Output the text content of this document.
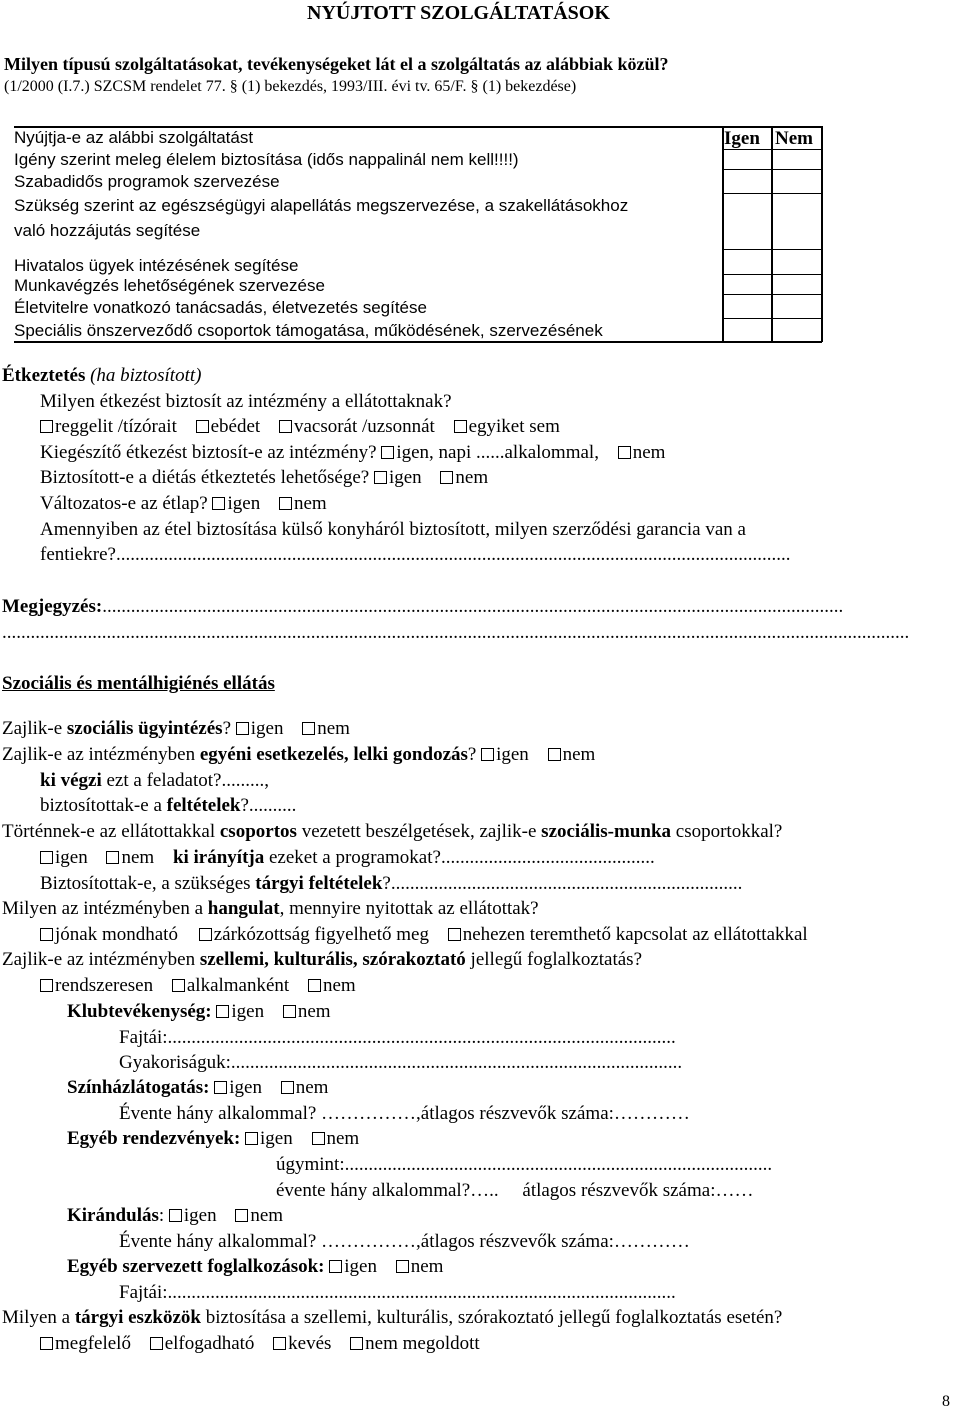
NYÚJTOTT SZOLGÁLTATÁSOK
Milyen típusú szolgáltatásokat, tevékenységeket lát el a szolgáltatás az alábbiak közül?
(1/2000 (I.7.) SZCSM rendelet 77. § (1) bekezdés, 1993/III. évi tv. 65/F. § (1) bekezdése)
Nyújtja-e az alábbi szolgáltatást	Igen Nem
Igény szerint meleg élelem biztosítása (idős nappalinál nem kell!!!!)
Szabadidős programok szervezése
Szükség szerint az egészségügyi alapellátás megszervezése, a szakellátásokhoz
való hozzájutás segítése
Hivatalos ügyek intézésének segítése
Munkavégzés lehetőségének szervezése
Életvitelre vonatkozó tanácsadás, életvezetés segítése
Speciális önszerveződő csoportok támogatása, működésének, szervezésének
Étkeztetés (ha biztosított)
Milyen étkezést biztosít az intézmény a ellátottaknak?
reggelit /tízórait ebédet vacsorát /uzsonnát egyiket sem
Kiegészítő étkezést biztosít-e az intézmény? igen, napi ......alkalommal, nem
Biztosított-e a diétás étkeztetés lehetősége? igen nem
Változatos-e az étlap? igen nem
Amennyiben az étel biztosítása külső konyháról biztosított, milyen szerződési garancia van a
fentiekre?..............................................................................................................................................
Megjegyzés:............................................................................................................................................................
...............................................................................................................................................................................................
Szociális és mentálhigiénés ellátás
Zajlik-e szociális ügyintézés? igen nem
Zajlik-e az intézményben egyéni esetkezelés, lelki gondozás? igen nem
ki végzi ezt a feladatot?.........,
biztosítottak-e a feltételek?..........
Történnek-e az ellátottakkal csoportos vezetett beszélgetések, zajlik-e szociális-munka csoportokkal?
igen nem ki irányítja ezeket a programokat?.............................................
Biztosítottak-e, a szükséges tárgyi feltételek?..........................................................................
Milyen az intézményben a hangulat, mennyire nyitottak az ellátottak?
jónak mondható zárkózottság figyelhető meg nehezen teremthető kapcsolat az ellátottakkal
Zajlik-e az intézményben szellemi, kulturális, szórakoztató jellegű foglalkoztatás?
rendszeresen alkalmanként nem
Klubtevékenység: igen nem
Fajtái:...........................................................................................................
Gyakoriságuk:...............................................................................................
Színházlátogatás: igen nem
Évente hány alkalommal? ……………,átlagos részvevők száma:…………
Egyéb rendezvények: igen nem
úgymint:..........................................................................................
évente hány alkalommal?…..     átlagos részvevők száma:……
Kirándulás: igen nem
Évente hány alkalommal? ……………,átlagos részvevők száma:…………
Egyéb szervezett foglalkozások: igen nem
Fajtái:...........................................................................................................
Milyen a tárgyi eszközök biztosítása a szellemi, kulturális, szórakoztató jellegű foglalkoztatás esetén?
megfelelő elfogadható kevés nem megoldott
8
